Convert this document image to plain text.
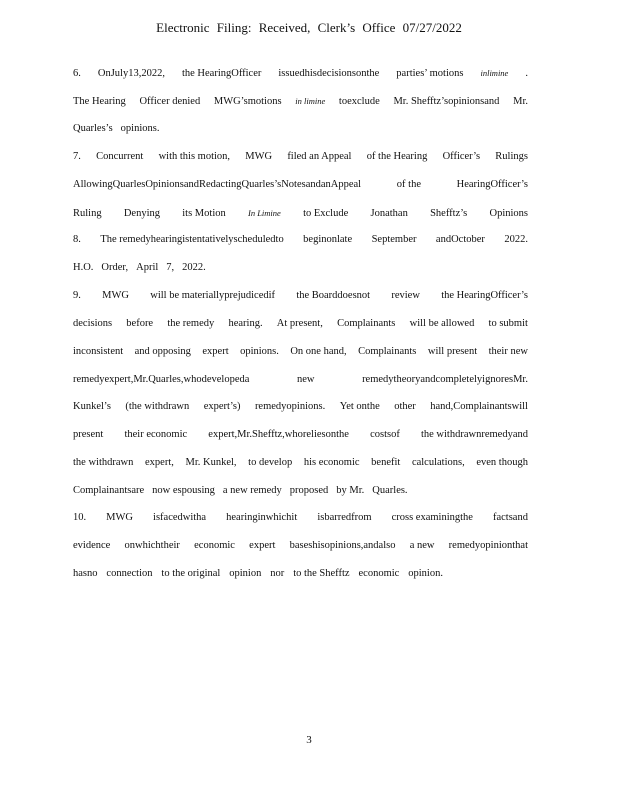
Electronic Filing: Received, Clerk’s Office 07/27/2022
6. OnJuly13,2022, the HearingOfficer issuedhisdecisionsonthe parties’ motions inlimine .
The Hearing Officer denied MWG’smotions in limine toexclude Mr. Shefftz’sopinionsand Mr.
Quarles’s opinions.
7. Concurrent with this motion, MWG filed an Appeal of the Hearing Officer’s Rulings
AllowingQuarlesOpinionsandRedactingQuarles’sNotesandanAppeal	of the	HearingOfficer’s
Ruling Denying its Motion	In Limine to Exclude Jonathan Shefftz’s Opinions
8. The remedyhearingistentativelyscheduledto beginonlate September andOctober 2022.
H.O. Order, April 7, 2022.
9. MWG will be materiallyprejudicedif the Boarddoesnot review the HearingOfficer’s
decisions before the remedy hearing. At present, Complainants will be allowed to submit
inconsistent and opposing expert opinions. On one hand, Complainants will present their new
remedyexpert,Mr.Quarles,whodevelopeda	new	remedytheoryandcompletelyignoresMr.
Kunkel’s (the withdrawn expert’s) remedyopinions. Yet onthe other hand,Complainantswill
present their economic expert,Mr.Shefftz,whoreliesonthe costsof the withdrawnremedyand
the withdrawn expert, Mr. Kunkel, to develop his economic benefit calculations, even though
Complainantsare now espousing a new remedy proposed by Mr. Quarles.
10. MWG isfacedwitha hearinginwhichit isbarredfrom cross examiningthe factsand
evidence onwhichtheir economic expert baseshisopinions,andalso a new remedyopinionthat
hasno connection to the original opinion nor to the Shefftz economic opinion.
3
